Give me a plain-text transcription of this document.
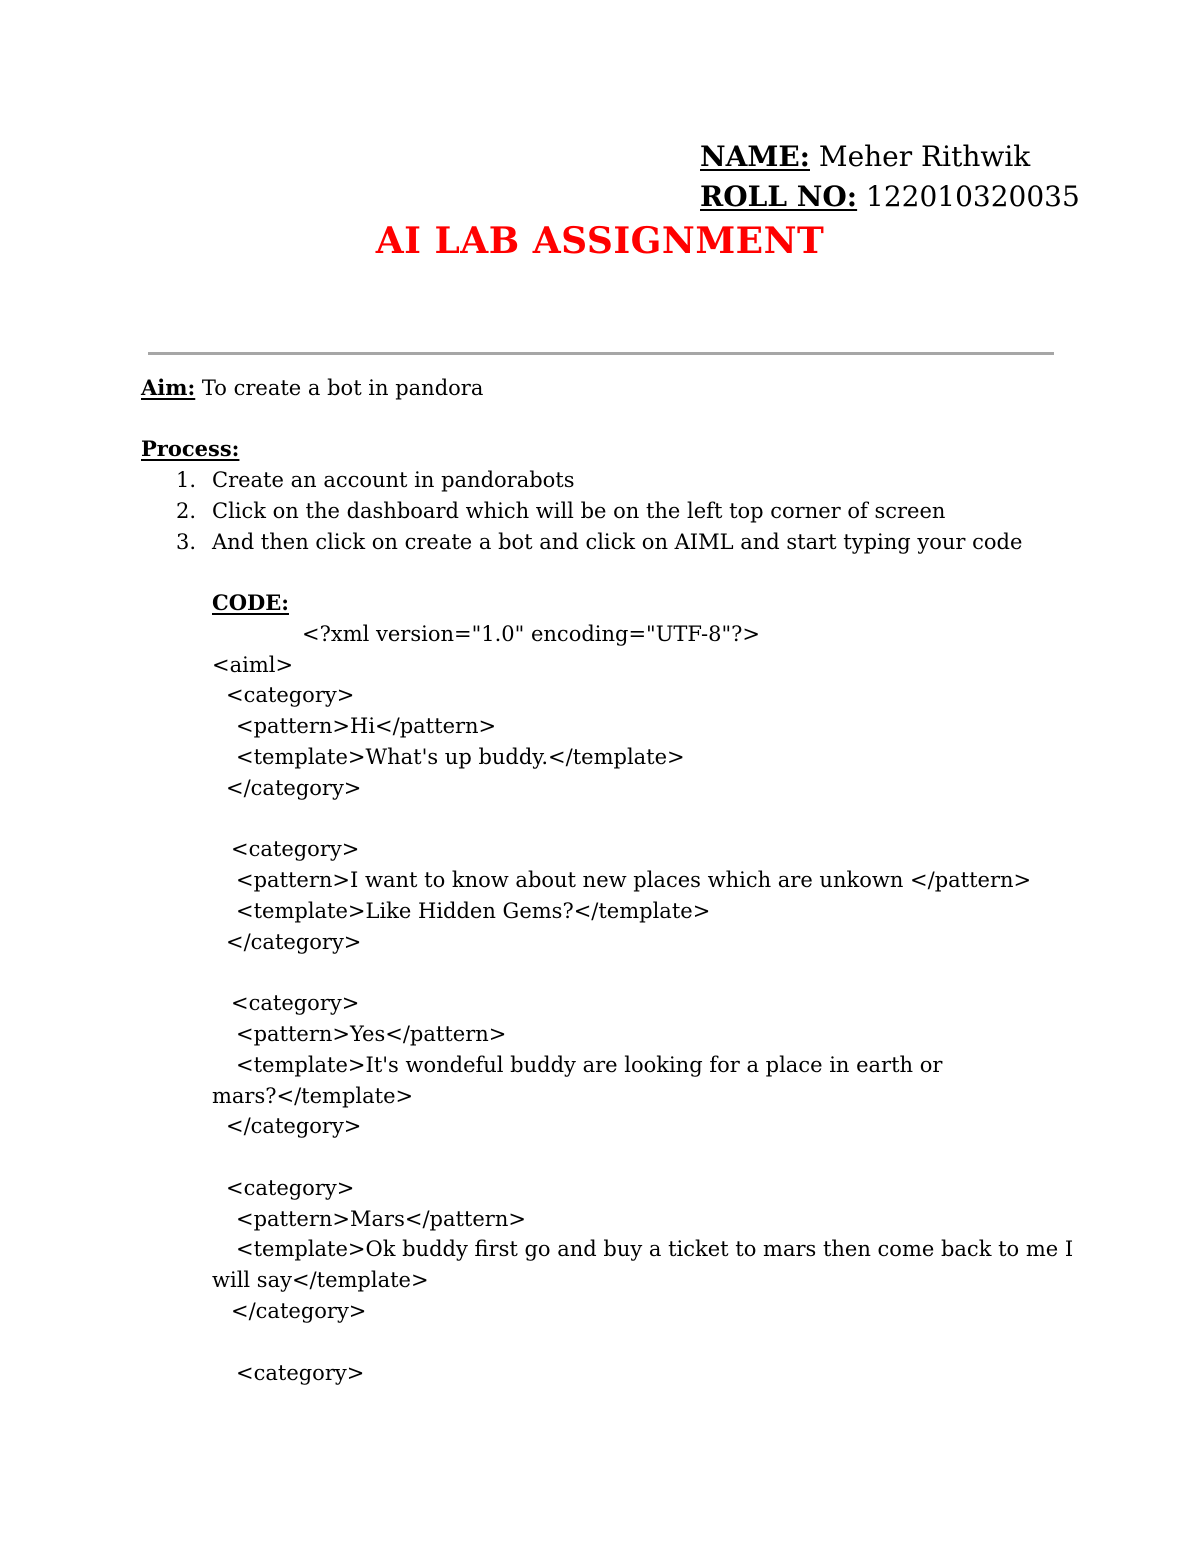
NAME: Meher Rithwik
ROLL NO: 122010320035
AI LAB ASSIGNMENT
Aim: To create a bot in pandora
Process:
1. Create an account in pandorabots
2. Click on the dashboard which will be on the left top corner of screen
3. And then click on create a bot and click on AIML and start typing your code
CODE:
<?xml version="1.0" encoding="UTF-8"?>
<aiml>
<category>
<pattern>Hi</pattern>
<template>What's up buddy.</template>
</category>
<category>
<pattern>I want to know about new places which are unkown </pattern>
<template>Like Hidden Gems?</template>
</category>
<category>
<pattern>Yes</pattern>
<template>It's wondeful buddy are looking for a place in earth or
mars?</template>
</category>
<category>
<pattern>Mars</pattern>
<template>Ok buddy first go and buy a ticket to mars then come back to me I
will say</template>
</category>
<category>
